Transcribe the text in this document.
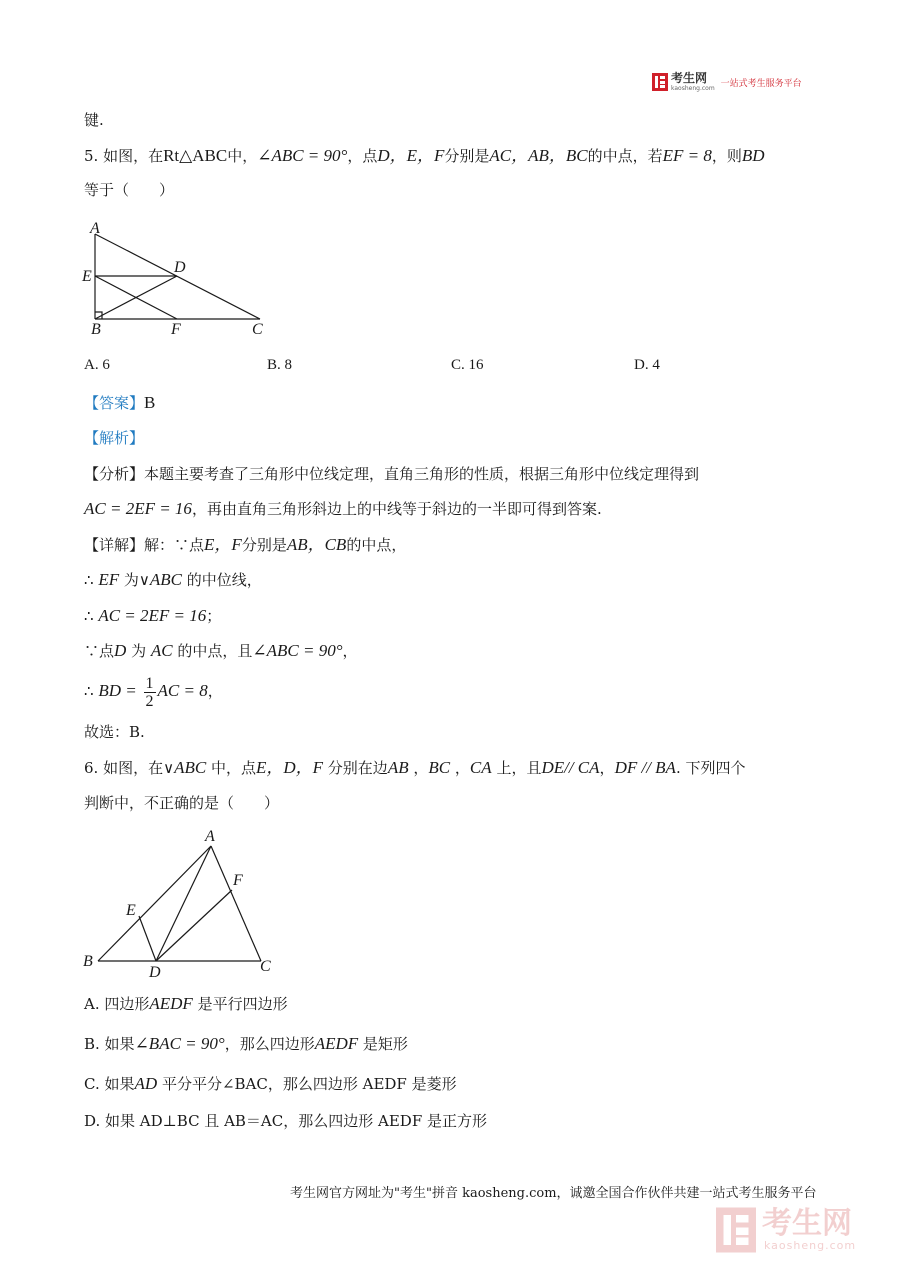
考生网
kaosheng.com 一站式考生服务平台
键.
5. 如图，在Rt△ABC中，∠ABC = 90°，点D，E，F分别是AC，AB，BC的中点，若EF = 8，则BD
等于（　　）
A
E
D
B	F	C
A. 6	B. 8	C. 16	D. 4
【答案】B
【解析】
【分析】本题主要考查了三角形中位线定理，直角三角形的性质，根据三角形中位线定理得到
AC = 2EF = 16，再由直角三角形斜边上的中线等于斜边的一半即可得到答案.
【详解】解：∵点E，F分别是AB，CB的中点，
∴ EF 为∨ABC 的中位线，
∴ AC = 2EF = 16；
∵点D 为 AC 的中点，且∠ABC = 90°，
∴ BD = $\frac{1}{2}$ AC = 8，
故选：B.
6. 如图，在∨ABC 中，点E，D，F 分别在边AB ，BC ，CA 上，且DE// CA，DF // BA. 下列四个
判断中，不正确的是（　　）
A
F
E
B
D	C
A. 四边形AEDF 是平行四边形
B. 如果∠BAC = 90°，那么四边形AEDF 是矩形
C. 如果AD 平分平分∠BAC，那么四边形 AEDF 是菱形
D. 如果 AD⊥BC 且 AB＝AC，那么四边形 AEDF 是正方形
考生网官方网址为"考生"拼音 kaosheng.com，诚邀全国合作伙伴共建一站式考生服务平台
考生网
kaosheng.com
